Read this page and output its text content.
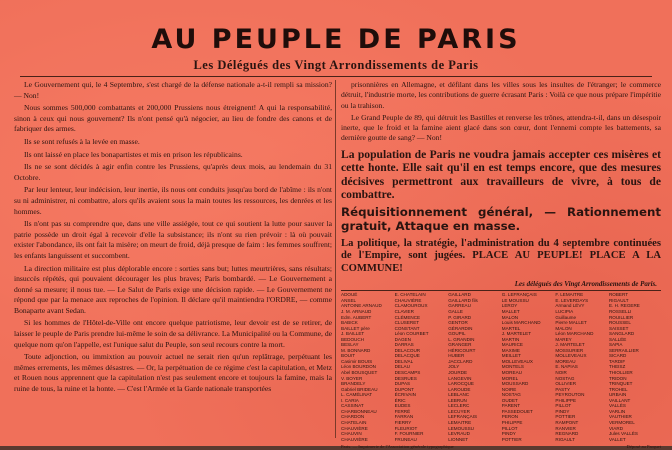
AU PEUPLE DE PARIS
Les Délégués des Vingt Arrondissements de Paris

Le Gouvernement qui, le 4 Septembre, s'est chargé de la défense nationale a-t-il rempli sa mission? — Non!

Nous sommes 500,000 combattants et 200,000 Prussiens nous étreignent! A qui la responsabilité, sinon à ceux qui nous gouvernent? Ils n'ont pensé qu'à négocier, au lieu de fondre des canons et de fabriquer des armes.

Ils se sont refusés à la levée en masse.

Ils ont laissé en place les bonapartistes et mis en prison les républicains.

Ils ne se sont décidés à agir enfin contre les Prussiens, qu'après deux mois, au lendemain du 31 Octobre.

Par leur lenteur, leur indécision, leur inertie, ils nous ont conduits jusqu'au bord de l'abîme : ils n'ont su ni administrer, ni combattre, alors qu'ils avaient sous la main toutes les ressources, les denrées et les hommes.

Ils n'ont pas su comprendre que, dans une ville assiégée, tout ce qui soutient la lutte pour sauver la patrie possède un droit égal à recevoir d'elle la subsistance; ils n'ont su rien prévoir : là où pouvait exister l'abondance, ils ont fait la misère; on meurt de froid, déjà presque de faim : les femmes souffrent; les enfants languissent et succombent.

La direction militaire est plus déplorable encore : sorties sans but; luttes meurtrières, sans résultats; insuccès répétés, qui pouvaient décourager les plus braves; Paris bombardé. — Le Gouvernement a donné sa mesure; il nous tue. — Le Salut de Paris exige une décision rapide. — Le Gouvernement ne répond que par la menace aux reproches de l'opinion. Il déclare qu'il maintiendra l'ORDRE, — comme Bonaparte avant Sedan.

Si les hommes de l'Hôtel-de-Ville ont encore quelque patriotisme, leur devoir est de se retirer, de laisser le peuple de Paris prendre lui-même le soin de sa délivrance. La Municipalité ou la Commune, de quelque nom qu'on l'appelle, est l'unique salut du Peuple, son seul recours contre la mort.

Toute adjonction, ou immixtion au pouvoir actuel ne serait rien qu'un replâtrage, perpétuant les mêmes errements, les mêmes désastres. — Or, la perpétuation de ce régime c'est la capitulation, et Metz et Rouen nous apprennent que la capitulation n'est pas seulement encore et toujours la famine, mais la ruine de tous, la ruine et la honte. — C'est l'Armée et la Garde nationale transportées

prisonnières en Allemagne, et défilant dans les villes sous les insultes de l'étranger; le commerce détruit, l'industrie morte, les contributions de guerre écrasant Paris : Voilà ce que nous prépare l'impéritie ou la trahison.

Le Grand Peuple de 89, qui détruit les Bastilles et renverse les trônes, attendra-t-il, dans un désespoir inerte, que le froid et la famine aient glacé dans son cœur, dont l'ennemi compte les battements, sa dernière goutte de sang? — Non!

La population de Paris ne voudra jamais accepter ces misères et cette honte. Elle sait qu'il en est temps encore, que des mesures décisives permettront aux travailleurs de vivre, à tous de combattre.
Réquisitionnement général, — Rationnement gratuit, Attaque en masse.
La politique, la stratégie, l'administration du 4 septembre continuées de l'Empire, sont jugées. PLACE AU PEUPLE! PLACE A LA COMMUNE!
Les délégués des Vingt Arrondissements de Paris.
ADOUÉ
ANSEL
ANTOINE ARNAUD
J. M. ARNAUD
Edm. AUBERT
BABICK
BAILLET père
J. BAILLET
BEDOUCH
BESLAY
M. BONNARD
BOUIT
Casimir BOUIS
Léon BOURDON
Abel BOUSQUET
V. BOYER
BRANDELY
Gabriel BRIDEAU
L. CAMÉLINAT
I. CARIA
CASSINAT
CHARBONNEAU
CHARDON
CHATELAIN
CHAUVIÈRE
CHAUVIN
CHAUVIÈRE
E. CHATELAIN
CHAUVIÈRE
CLAMOUROUX
CLAVIER
CLÉMENCE
CLUSERET
CONSTANT
Léon COURBET
DAGEN
DARRAS
DELACOUR
DELACQUE
DELIVAL
DELAU
DESCAMPS
DESRUES
DUPAS
DUPONT
ÉCRIVAIN
ÉRIC
EUDES
FERRÉ
FARRAN
FIERRY
FLEURIOT
F. FOURNIER
FRUNEAU
GAILLARD
GAILLARD fils
GARREAU
GALLE
P. GIRARD
GENTOR
GÉRARDIN
GOUPIL
L. GRANDIN
GRANGER
HÉRICOURT
HUBER
JACCLARD
JOLY
JOURDE
LANGEVIN
LAROCQUE
LAROUDE
LEBLANC
LEBRUN
LECLERC
LECUYER
LEFRANÇAIS
LEMAITRE
LEMOUSSU
LEVRAUD
LIONNET
G. LEFRANÇAIS
LE MOUSSU
LEROY
MALLET
MALON
Louis MARCHAND
MARTEL
J. MARTELET
MARTIN
MAURICE
MAXIME
MEILLET
MOLLEVEAUX
MONTELS
MOREAU
MOREL
MOUSSARD
NOIRE
NOSTAG
OUDET
PARENT
PASSEDOUET
PERON
PHILIPPE
PILLOT
PINDY
POTTIER
F. LEMAITRE
E. LEVERDAYS
Armand LÉVY
LUCIPIA
Guillaume
Pierre MALLET
MALON
Léon MARCHAND
MAREY
J. MARTELET
MOSSURIER
MOLLEVEAUX
MOREAU
E. NAPIAS
NOIR
NOSTAG
OLLIVIER
PASTY
PEYROUTON
PHILIPPE
PILLOT
PINDY
POTTIER
RAMPONT
RANVIER
REGNARD
RIGAULT
ROBERT
RIGAULT
E. H. REGERE
ROSSELLI
ROUILLIER
ROUSSEL
SAISSET
SANGLARD
SALLÉE
SAPIA
SERRAILLIER
SICARD
TARDIF
THEISZ
THIOLLIER
TRIDON
TRINQUET
TROHEL
URBAIN
VAILLANT
VALLÈS
VARLIN
VAUTHIER
VERMOREL
VIARD
Jules VALLÈS
VALLET
Paris. — Imprimerie de l'Association générale typographique	Déposé au Parquet
